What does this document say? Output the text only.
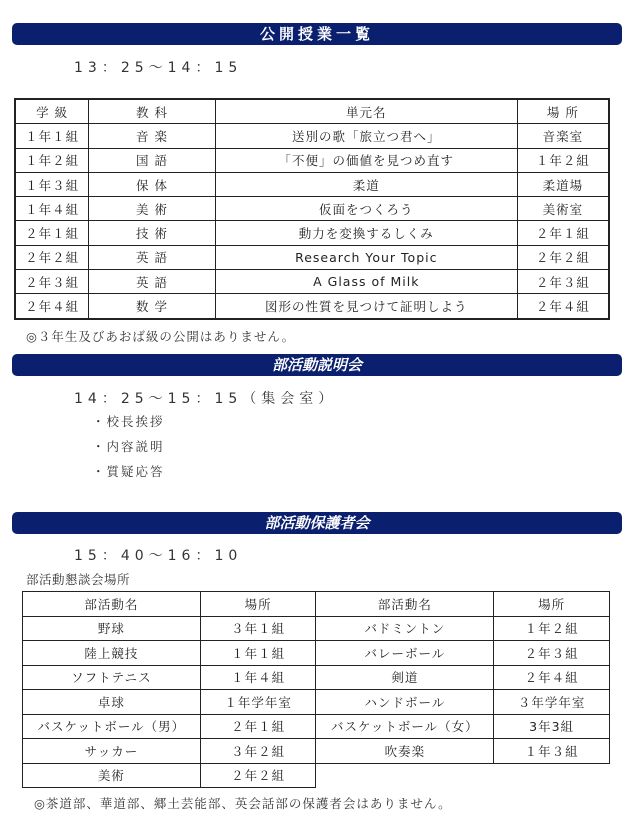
公開授業一覧
13：25～14：15
学 級	教 科	単元名	場 所
１年１組	音 楽	送別の歌「旅立つ君へ」	音楽室
１年２組	国 語	「不便」の価値を見つめ直す	１年２組
１年３組	保 体	柔道	柔道場
１年４組	美 術	仮面をつくろう	美術室
２年１組	技 術	動力を変換するしくみ	２年１組
２年２組	英 語	Research Your Topic	２年２組
２年３組	英 語	A Glass of Milk	２年３組
２年４組	数 学	図形の性質を見つけて証明しよう	２年４組
◎３年生及びあおば級の公開はありません。
部活動説明会
14：25～15：15（集会室）
・校長挨拶
・内容説明
・質疑応答
部活動保護者会
15：40～16：10
部活動懇談会場所
部活動名	場所	部活動名	場所
野球	３年１組	バドミントン	１年２組
陸上競技	１年１組	バレーボール	２年３組
ソフトテニス	１年４組	剣道	２年４組
卓球	１年学年室	ハンドボール	３年学年室
バスケットボール（男）	２年１組	バスケットボール（女）	3年3組
サッカー	３年２組	吹奏楽	１年３組
美術	２年２組		
◎茶道部、華道部、郷土芸能部、英会話部の保護者会はありません。
